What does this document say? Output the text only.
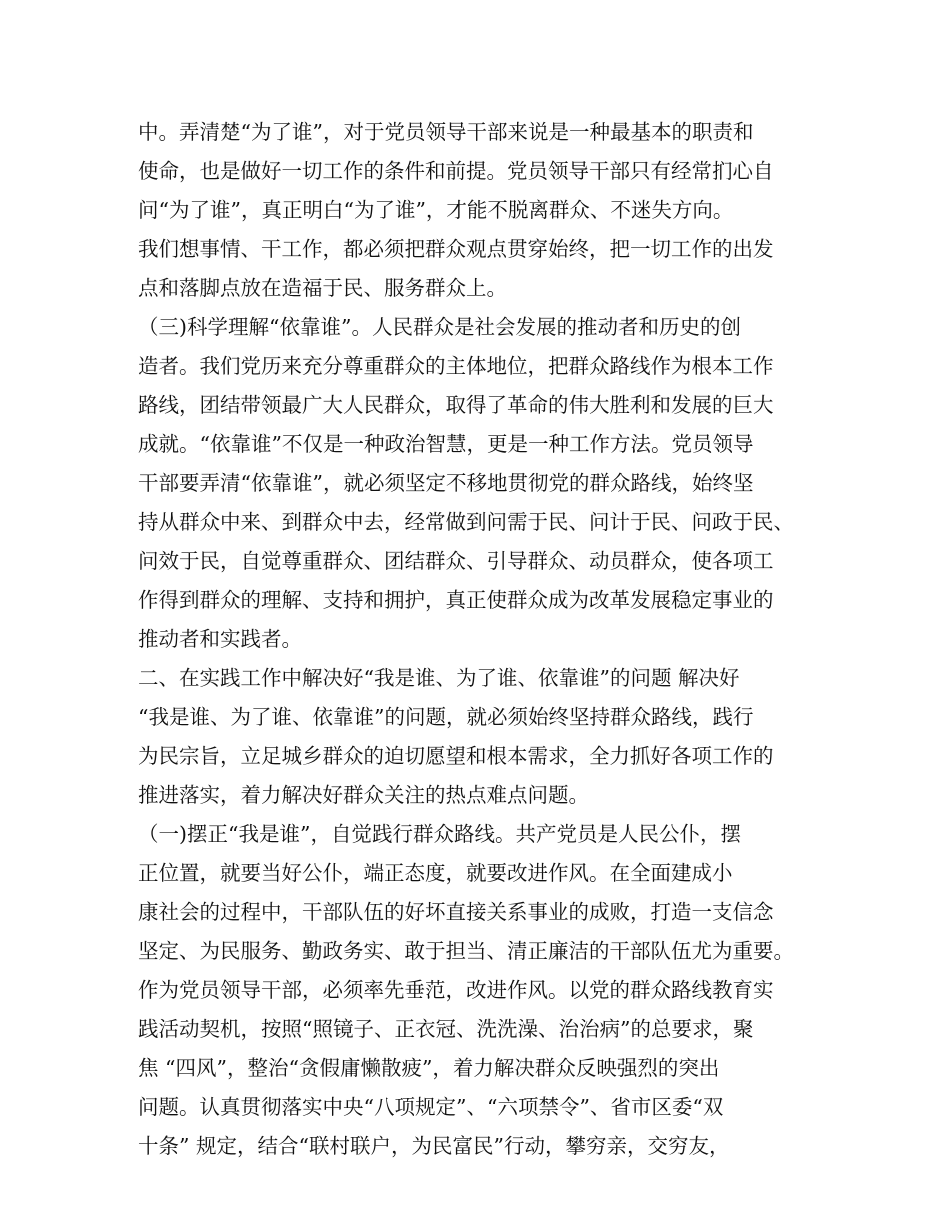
中。弄清楚“为了谁”，对于党员领导干部来说是一种最基本的职责和
使命，也是做好一切工作的条件和前提。党员领导干部只有经常扪心自
问“为了谁”，真正明白“为了谁”，才能不脱离群众、不迷失方向。
我们想事情、干工作，都必须把群众观点贯穿始终，把一切工作的出发
点和落脚点放在造福于民、服务群众上。
（三)科学理解“依靠谁”。人民群众是社会发展的推动者和历史的创
造者。我们党历来充分尊重群众的主体地位，把群众路线作为根本工作
路线，团结带领最广大人民群众，取得了革命的伟大胜利和发展的巨大
成就。“依靠谁”不仅是一种政治智慧，更是一种工作方法。党员领导
干部要弄清“依靠谁”，就必须坚定不移地贯彻党的群众路线，始终坚
持从群众中来、到群众中去，经常做到问需于民、问计于民、问政于民、
问效于民，自觉尊重群众、团结群众、引导群众、动员群众，使各项工
作得到群众的理解、支持和拥护，真正使群众成为改革发展稳定事业的
推动者和实践者。
二、在实践工作中解决好“我是谁、为了谁、依靠谁”的问题 解决好
“我是谁、为了谁、依靠谁”的问题，就必须始终坚持群众路线，践行
为民宗旨，立足城乡群众的迫切愿望和根本需求，全力抓好各项工作的
推进落实，着力解决好群众关注的热点难点问题。
（一)摆正“我是谁”，自觉践行群众路线。共产党员是人民公仆，摆
正位置，就要当好公仆，端正态度，就要改进作风。在全面建成小
康社会的过程中，干部队伍的好坏直接关系事业的成败，打造一支信念
坚定、为民服务、勤政务实、敢于担当、清正廉洁的干部队伍尤为重要。
作为党员领导干部，必须率先垂范，改进作风。以党的群众路线教育实
践活动契机，按照“照镜子、正衣冠、洗洗澡、治治病”的总要求，聚
焦 “四风”，整治“贪假庸懒散疲”，着力解决群众反映强烈的突出
问题。认真贯彻落实中央“八项规定”、“六项禁令”、省市区委“双
十条” 规定，结合“联村联户，为民富民”行动，攀穷亲，交穷友，
